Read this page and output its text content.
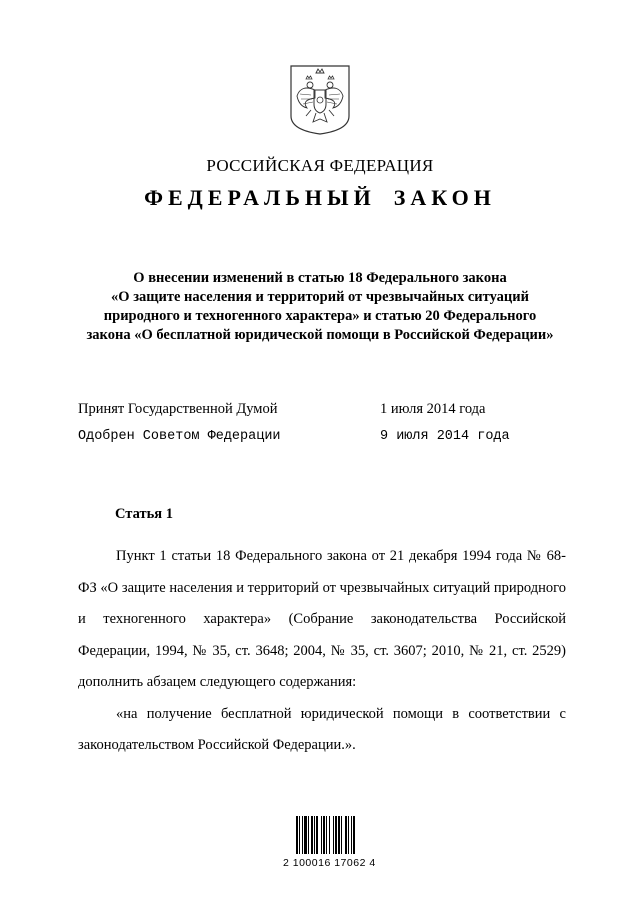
РОССИЙСКАЯ ФЕДЕРАЦИЯ
ФЕДЕРАЛЬНЫЙ ЗАКОН
О внесении изменений в статью 18 Федерального закона
«О защите населения и территорий от чрезвычайных ситуаций
природного и техногенного характера» и статью 20 Федерального
закона «О бесплатной юридической помощи в Российской Федерации»
Принят Государственной Думой	1 июля 2014 года
Одобрен Советом Федерации	9 июля 2014 года
Статья 1

Пункт 1 статьи 18 Федерального закона от 21 декабря 1994 года № 68-ФЗ «О защите населения и территорий от чрезвычайных ситуаций природного и техногенного характера» (Собрание законодательства Российской Федерации, 1994, № 35, ст. 3648; 2004, № 35, ст. 3607; 2010, № 21, ст. 2529) дополнить абзацем следующего содержания:

«на получение бесплатной юридической помощи в соответствии с законодательством Российской Федерации.».

2 100016 17062 4
